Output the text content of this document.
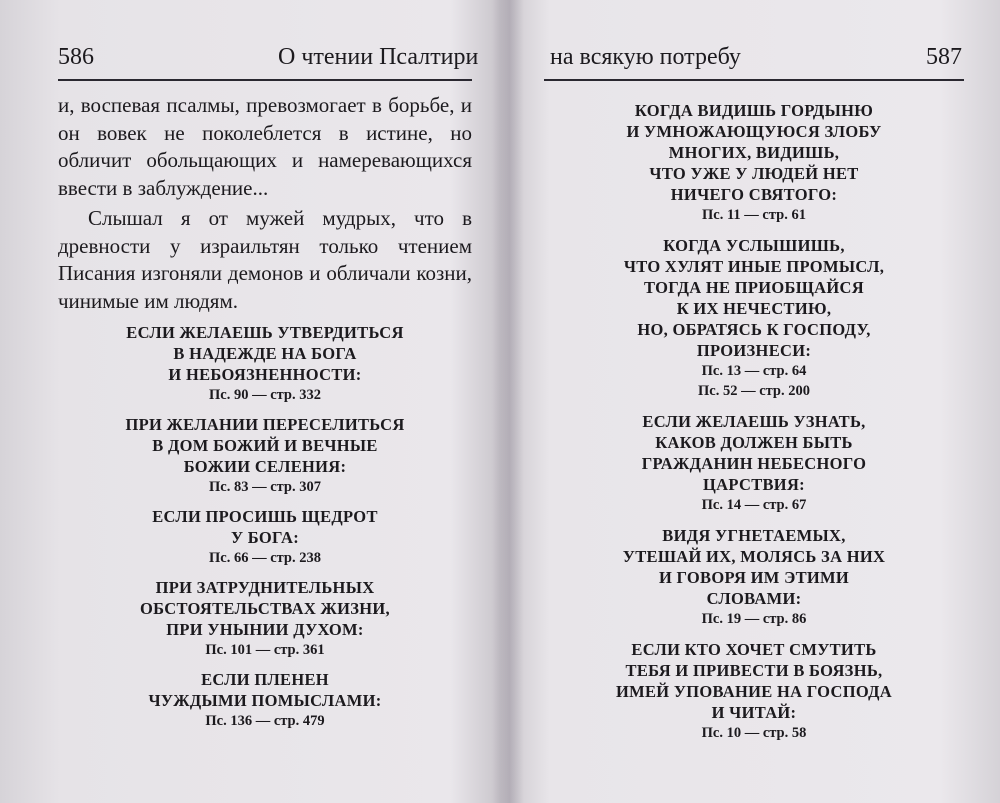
586	О чтении Псалтири

и, воспевая псалмы, превозмогает в борьбе, и он вовек не поколеблется в истине, но обличит обольщающих и намеревающихся ввести в заблуждение...

Слышал я от мужей мудрых, что в древности у израильтян только чтением Писания изгоняли демонов и обличали козни, чинимые им людям.

ЕСЛИ ЖЕЛАЕШЬ УТВЕРДИТЬСЯ
В НАДЕЖДЕ НА БОГА
И НЕБОЯЗНЕННОСТИ:
Пс. 90 — стр. 332
ПРИ ЖЕЛАНИИ ПЕРЕСЕЛИТЬСЯ
В ДОМ БОЖИЙ И ВЕЧНЫЕ
БОЖИИ СЕЛЕНИЯ:
Пс. 83 — стр. 307
ЕСЛИ ПРОСИШЬ ЩЕДРОТ
У БОГА:
Пс. 66 — стр. 238
ПРИ ЗАТРУДНИТЕЛЬНЫХ
ОБСТОЯТЕЛЬСТВАХ ЖИЗНИ,
ПРИ УНЫНИИ ДУХОМ:
Пс. 101 — стр. 361
ЕСЛИ ПЛЕНЕН
ЧУЖДЫМИ ПОМЫСЛАМИ:
Пс. 136 — стр. 479
на всякую потребу	587
КОГДА ВИДИШЬ ГОРДЫНЮ
И УМНОЖАЮЩУЮСЯ ЗЛОБУ
МНОГИХ, ВИДИШЬ,
ЧТО УЖЕ У ЛЮДЕЙ НЕТ
НИЧЕГО СВЯТОГО:
Пс. 11 — стр. 61
КОГДА УСЛЫШИШЬ,
ЧТО ХУЛЯТ ИНЫЕ ПРОМЫСЛ,
ТОГДА НЕ ПРИОБЩАЙСЯ
К ИХ НЕЧЕСТИЮ,
НО, ОБРАТЯСЬ К ГОСПОДУ,
ПРОИЗНЕСИ:
Пс. 13 — стр. 64
Пс. 52 — стр. 200
ЕСЛИ ЖЕЛАЕШЬ УЗНАТЬ,
КАКОВ ДОЛЖЕН БЫТЬ
ГРАЖДАНИН НЕБЕСНОГО
ЦАРСТВИЯ:
Пс. 14 — стр. 67
ВИДЯ УГНЕТАЕМЫХ,
УТЕШАЙ ИХ, МОЛЯСЬ ЗА НИХ
И ГОВОРЯ ИМ ЭТИМИ
СЛОВАМИ:
Пс. 19 — стр. 86
ЕСЛИ КТО ХОЧЕТ СМУТИТЬ
ТЕБЯ И ПРИВЕСТИ В БОЯЗНЬ,
ИМЕЙ УПОВАНИЕ НА ГОСПОДА
И ЧИТАЙ:
Пс. 10 — стр. 58
